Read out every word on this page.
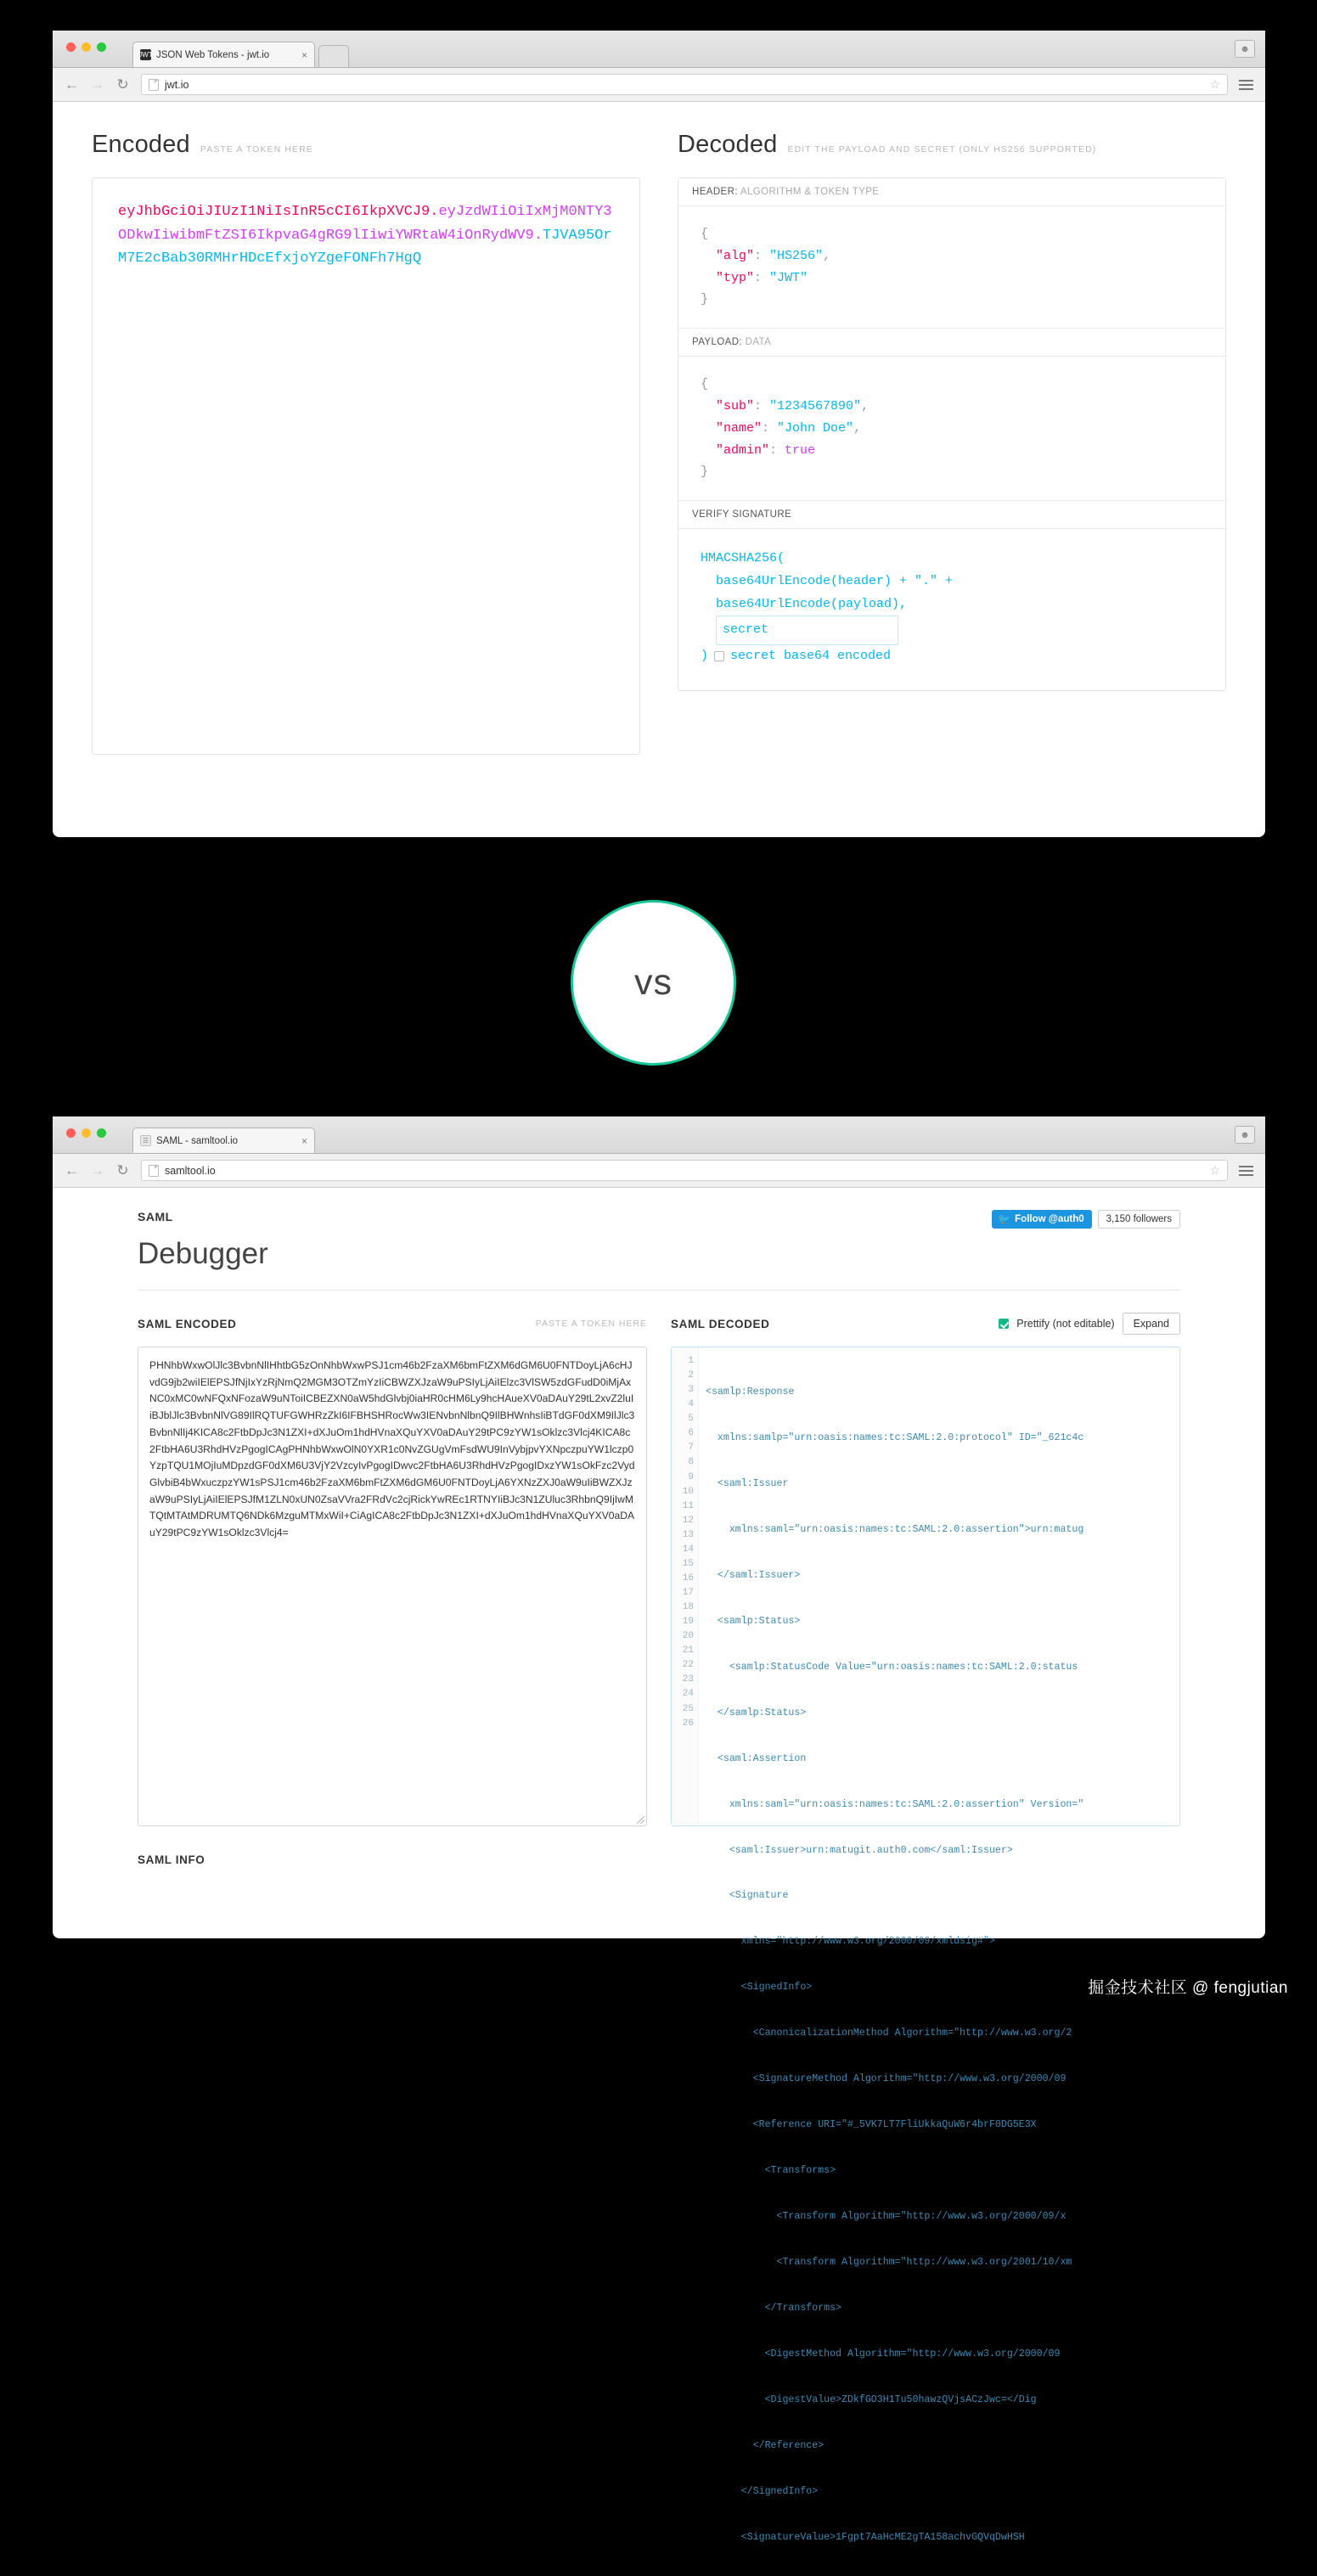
JWT JSON Web Tokens - jwt.io	×	☻
← → ↻	jwt.io	☆
Encoded PASTE A TOKEN HERE
eyJhbGciOiJIUzI1NiIsInR5cCI6IkpXVCJ9.eyJzdWIiOiIxMjM0NTY3ODkwIiwibmFtZSI6IkpvaG4gRG9lIiwiYWRtaW4iOnRydWV9.TJVA95OrM7E2cBab30RMHrHDcEfxjoYZgeFONFh7HgQ
Decoded EDIT THE PAYLOAD AND SECRET (ONLY HS256 SUPPORTED)
HEADER: ALGORITHM & TOKEN TYPE
{
"alg": "HS256",
"typ": "JWT"
}
PAYLOAD: DATA
{
"sub": "1234567890",
"name": "John Doe",
"admin": true
}
VERIFY SIGNATURE
HMACSHA256(
base64UrlEncode(header) + "." +
base64UrlEncode(payload),
secret
) secret base64 encoded
vs
☰ SAML - samltool.io	×	☻
← → ↻	samltool.io	☆
SAML
Debugger
🐦 Follow @auth0	3,150 followers
SAML ENCODED	PASTE A TOKEN HERE
PHNhbWxwOlJlc3BvbnNlIHhtbG5zOnNhbWxwPSJ1cm46b2FzaXM6bmFtZXM6dGM6U0FNTDoyLjA6cHJvdG9jb2wiIElEPSJfNjIxYzRjNmQ2MGM3OTZmYzIiCBWZXJzaW9uPSIyLjAiIElzc3VlSW5zdGFudD0iMjAxNC0xMC0wNFQxNFozaW9uNToiICBEZXN0aW5hdGlvbj0iaHR0cHM6Ly9hcHAueXV0aDAuY29tL2xvZ2luIiBJblJlc3BvbnNlVG89IlRQTUFGWHRzZkI6IFBHSHRocWw3IENvbnNlbnQ9IlBHWnhsIiBTdGF0dXM9IlJlc3BvbnNlIj4KICA8c2FtbDpJc3N1ZXI+dXJuOm1hdHVnaXQuYXV0aDAuY29tPC9zYW1sOklzc3Vlcj4KICA8c2FtbHA6U3RhdHVzPgogICAgPHNhbWxwOlN0YXR1c0NvZGUgVmFsdWU9InVybjpvYXNpczpuYW1lczp0YzpTQU1MOjIuMDpzdGF0dXM6U3VjY2VzcyIvPgogIDwvc2FtbHA6U3RhdHVzPgogIDxzYW1sOkFzc2VydGlvbiB4bWxuczpzYW1sPSJ1cm46b2FzaXM6bmFtZXM6dGM6U0FNTDoyLjA6YXNzZXJ0aW9uIiBWZXJzaW9uPSIyLjAiIElEPSJfM1ZLN0xUN0ZsaVVra2FRdVc2cjRickYwREc1RTNYIiBJc3N1ZUluc3RhbnQ9IjIwMTQtMTAtMDRUMTQ6NDk6MzguMTMxWiI+CiAgICA8c2FtbDpJc3N1ZXI+dXJuOm1hdHVnaXQuYXV0aDAuY29tPC9zYW1sOklzc3Vlcj4=
SAML DECODED	Prettify (not editable)	Expand
1
2
3
4
5
6
7
8
9
10
11
12
13
14
15
16
17
18
19
20
21
22
23
24
25
26

<samlp:Response

xmlns:samlp="urn:oasis:names:tc:SAML:2.0:protocol" ID="_621c4c

<saml:Issuer

xmlns:saml="urn:oasis:names:tc:SAML:2.0:assertion">urn:matug

</saml:Issuer>

<samlp:Status>

<samlp:StatusCode Value="urn:oasis:names:tc:SAML:2.0:status

</samlp:Status>

<saml:Assertion

xmlns:saml="urn:oasis:names:tc:SAML:2.0:assertion" Version="

<saml:Issuer>urn:matugit.auth0.com</saml:Issuer>

<Signature

xmlns="http://www.w3.org/2000/09/xmldsig#">

<SignedInfo>

<CanonicalizationMethod Algorithm="http://www.w3.org/2

<SignatureMethod Algorithm="http://www.w3.org/2000/09

<Reference URI="#_5VK7LT7FliUkkaQuW6r4brF0DG5E3X

<Transforms>

<Transform Algorithm="http://www.w3.org/2000/09/x

<Transform Algorithm="http://www.w3.org/2001/10/xm

</Transforms>

<DigestMethod Algorithm="http://www.w3.org/2000/09

<DigestValue>ZDkfGO3H1Tu50hawzQVjsACzJwc=</Dig

</Reference>

</SignedInfo>

<SignatureValue>1Fgpt7AaHcME2gTA158achvGQVqDwHSH

SAML INFO
掘金技术社区 @ fengjutian
